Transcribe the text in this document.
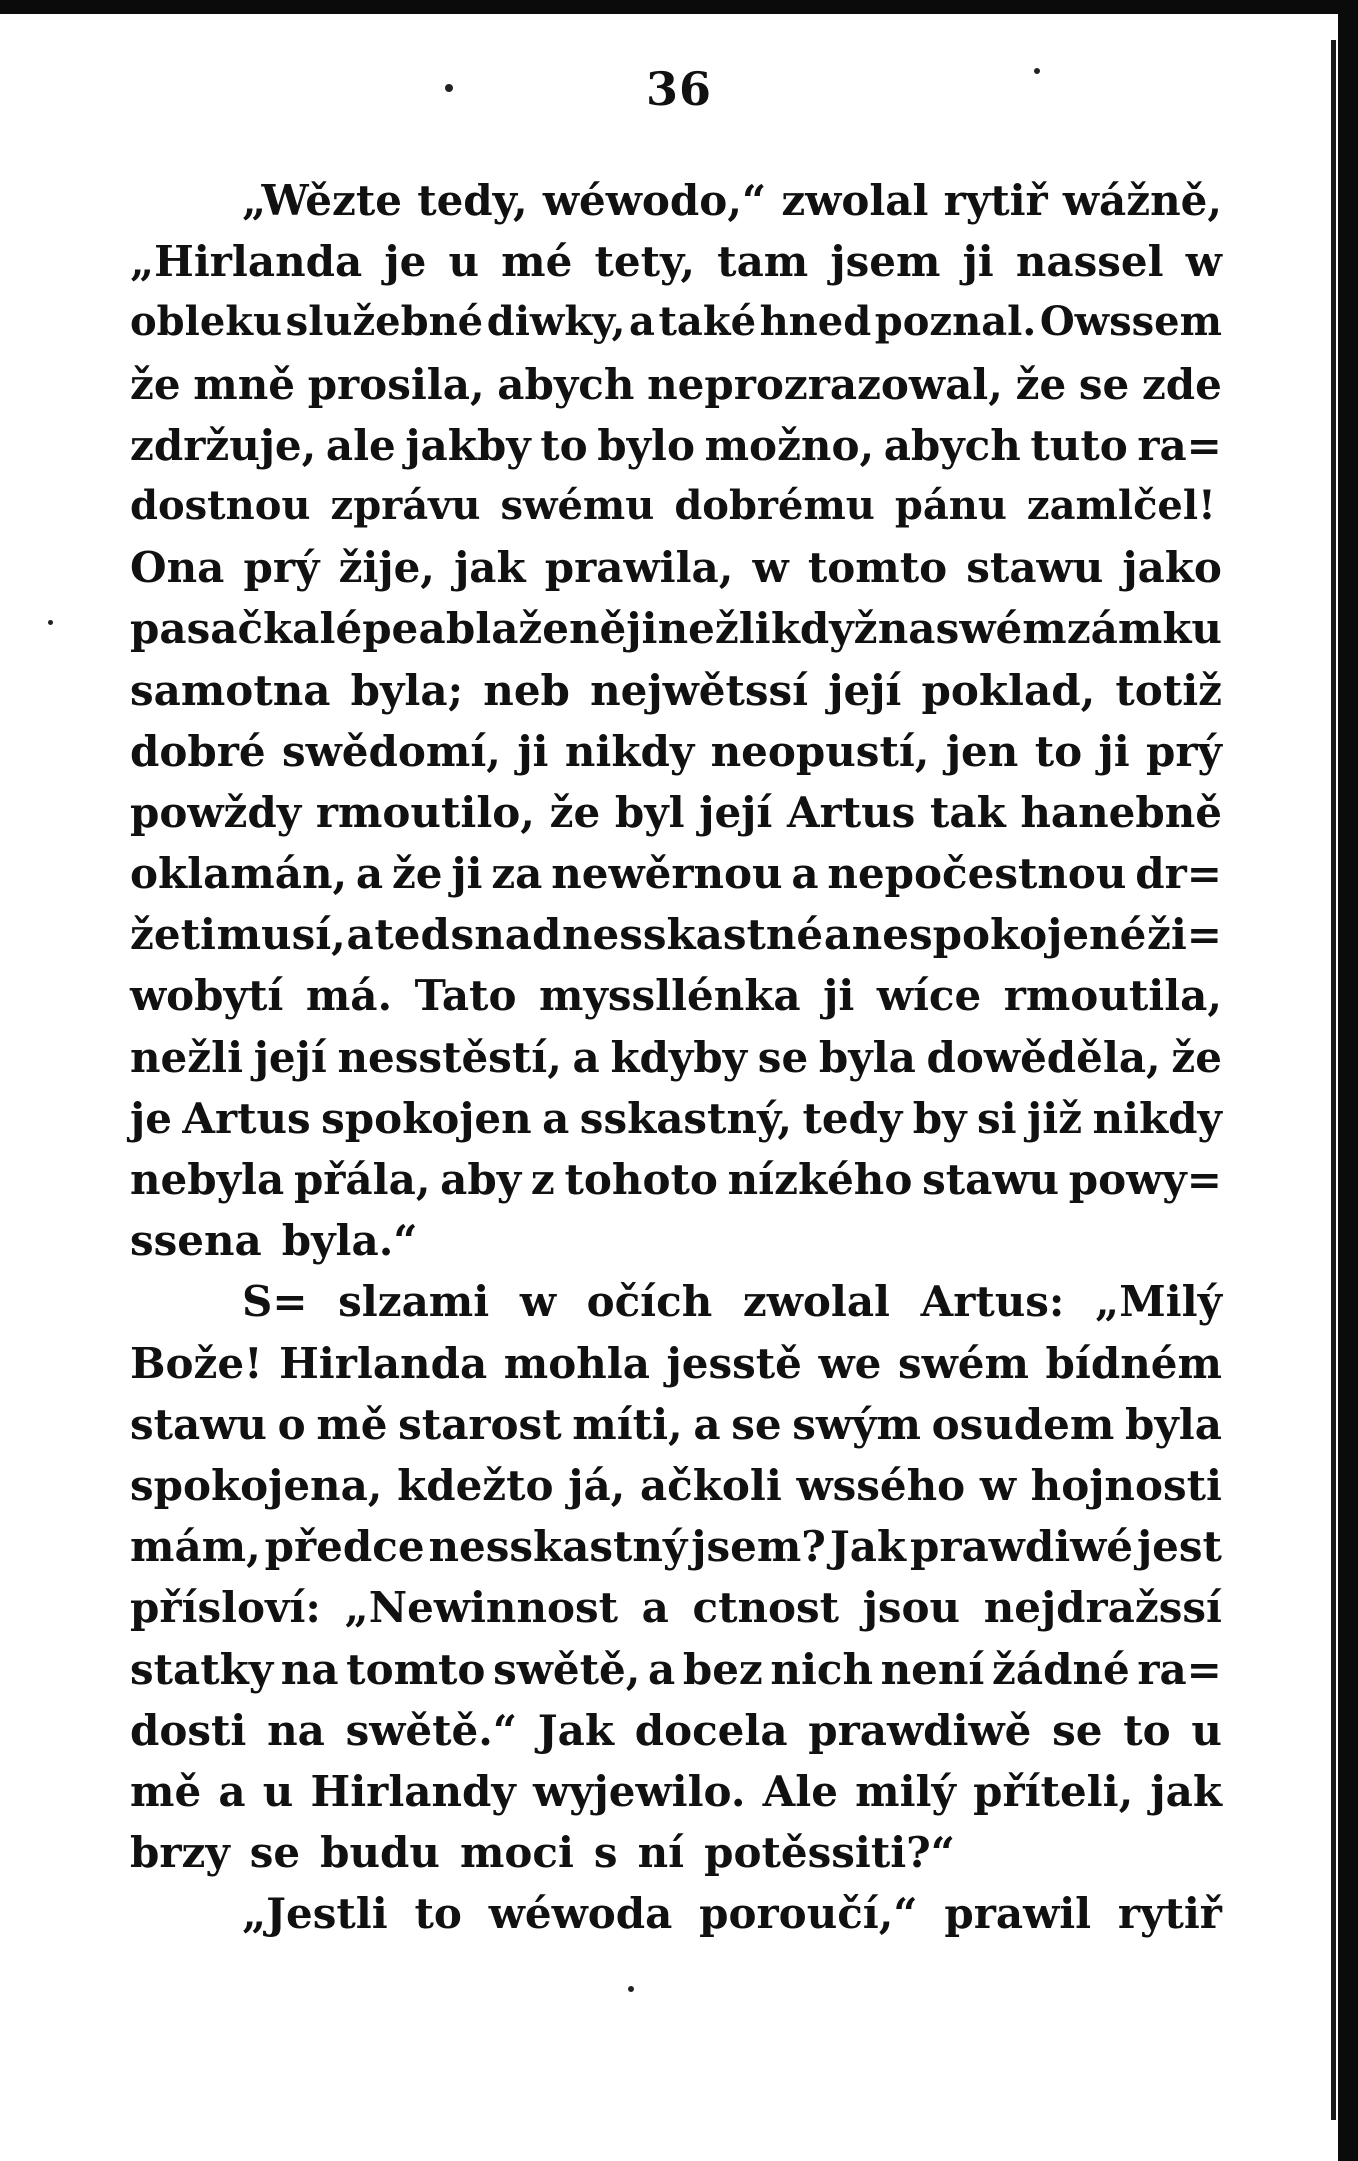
36
„Wězte tedy, wéwodo,“ zwolal rytiř wážně,
„Hirlanda je u mé tety, tam jsem ji nassel w
obleku služebné diwky, a také hned poznal. Owssem
že mně prosila, abych neprozrazowal, že se zde
zdržuje, ale jakby to bylo možno, abych tuto ra=
dostnou zprávu swému dobrému pánu zamlčel!
Ona prý žije, jak prawila, w tomto stawu jako
pasačka lépe a blaženěji nežli když na swém zámku
samotna byla; neb nejwětssí její poklad, totiž
dobré swědomí, ji nikdy neopustí, jen to ji prý
powždy rmoutilo, že byl její Artus tak hanebně
oklamán, a že ji za newěrnou a nepočestnou dr=
žeti musí, a ted snad nesskastné a nespokojené ži=
wobytí má. Tato myssllénka ji wíce rmoutila,
nežli její nesstěstí, a kdyby se byla dowěděla, že
je Artus spokojen a sskastný, tedy by si již nikdy
nebyla přála, aby z tohoto nízkého stawu powy=
ssena byla.“
S= slzami w očích zwolal Artus: „Milý
Bože! Hirlanda mohla jesstě we swém bídném
stawu o mě starost míti, a se swým osudem byla
spokojena, kdežto já, ačkoli wssého w hojnosti
mám, předce nesskastný jsem? Jak prawdiwé jest
přísloví: „Newinnost a ctnost jsou nejdražssí
statky na tomto swětě, a bez nich není žádné ra=
dosti na swětě.“ Jak docela prawdiwě se to u
mě a u Hirlandy wyjewilo. Ale milý příteli, jak
brzy se budu moci s ní potěssiti?“
„Jestli to wéwoda poroučí,“ prawil rytiř
